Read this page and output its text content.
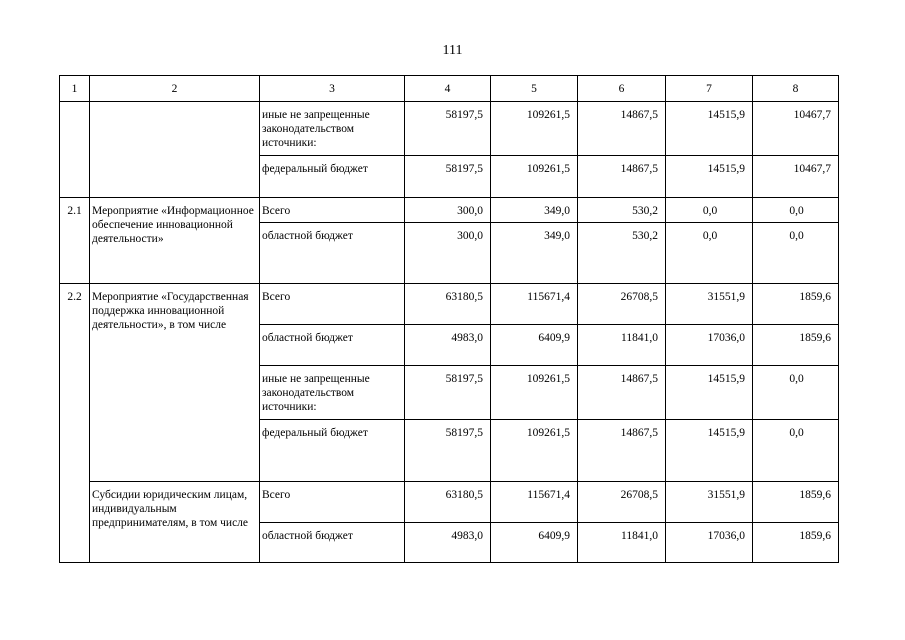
111
1	2	3	4	5	6	7	8
		иные не запрещенные законодательством источники:	58197,5	109261,5	14867,5	14515,9	10467,7
		федеральный бюджет	58197,5	109261,5	14867,5	14515,9	10467,7
2.1	Мероприятие «Информационное обеспечение инновационной деятельности»	Всего	300,0	349,0	530,2	0,0	0,0
		областной бюджет	300,0	349,0	530,2	0,0	0,0
2.2	Мероприятие «Государственная поддержка инновационной деятельности», в том числе	Всего	63180,5	115671,4	26708,5	31551,9	1859,6
		областной бюджет	4983,0	6409,9	11841,0	17036,0	1859,6
		иные не запрещенные законодательством источники:	58197,5	109261,5	14867,5	14515,9	0,0
		федеральный бюджет	58197,5	109261,5	14867,5	14515,9	0,0
	Субсидии юридическим лицам, индивидуальным предпринимателям, в том числе	Всего	63180,5	115671,4	26708,5	31551,9	1859,6
		областной бюджет	4983,0	6409,9	11841,0	17036,0	1859,6
